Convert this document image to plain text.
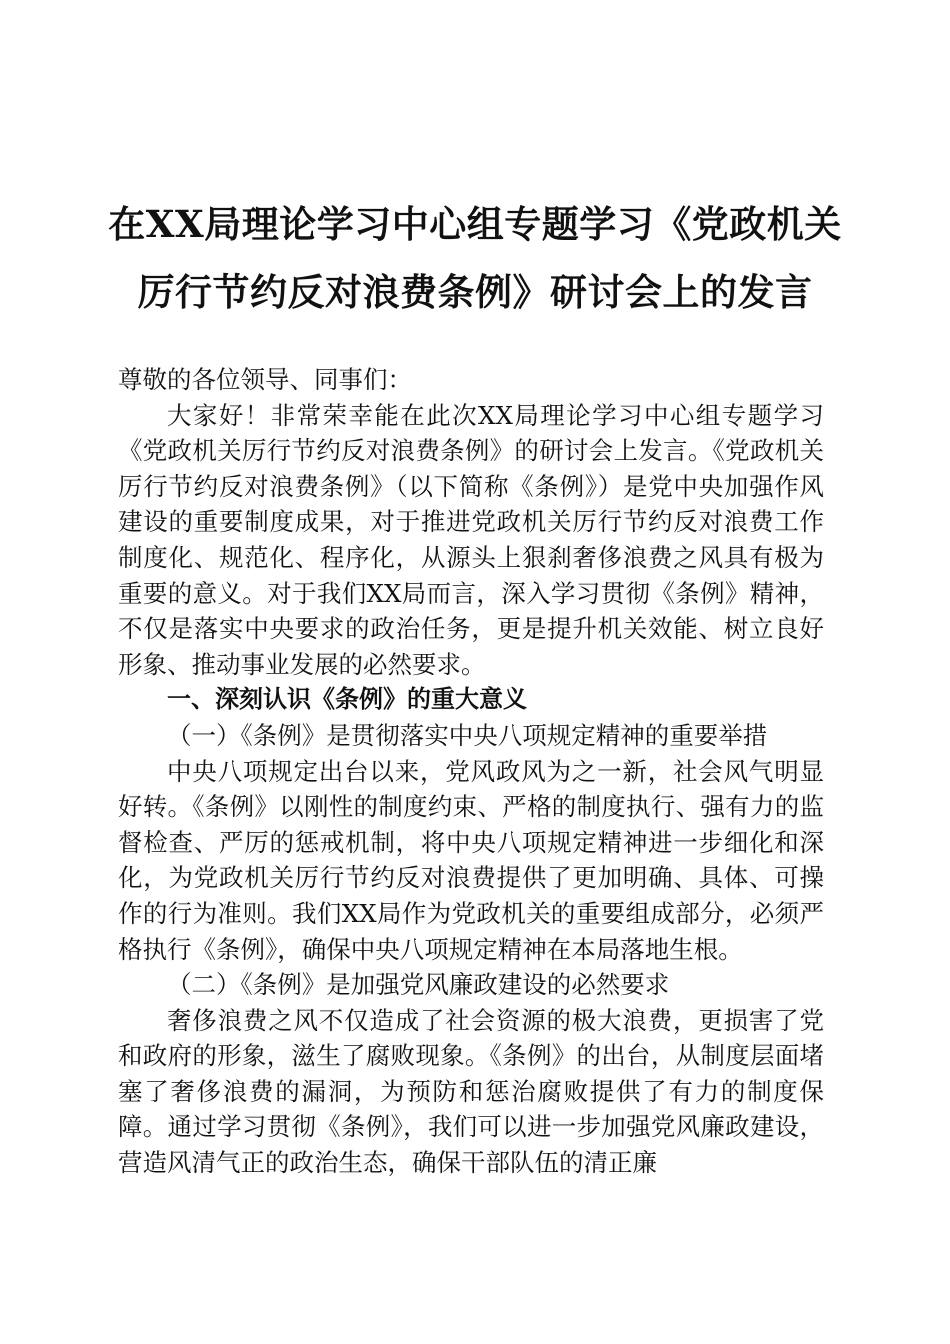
在XX局理论学习中心组专题学习《党政机关
厉行节约反对浪费条例》研讨会上的发言

尊敬的各位领导、同事们：

大家好！非常荣幸能在此次XX局理论学习中心组专题学习《党政机关厉行节约反对浪费条例》的研讨会上发言。《党政机关厉行节约反对浪费条例》（以下简称《条例》）是党中央加强作风建设的重要制度成果，对于推进党政机关厉行节约反对浪费工作制度化、规范化、程序化，从源头上狠刹奢侈浪费之风具有极为重要的意义。对于我们XX局而言，深入学习贯彻《条例》精神，不仅是落实中央要求的政治任务，更是提升机关效能、树立良好形象、推动事业发展的必然要求。

一、深刻认识《条例》的重大意义

（一）《条例》是贯彻落实中央八项规定精神的重要举措

中央八项规定出台以来，党风政风为之一新，社会风气明显好转。《条例》以刚性的制度约束、严格的制度执行、强有力的监督检查、严厉的惩戒机制，将中央八项规定精神进一步细化和深化，为党政机关厉行节约反对浪费提供了更加明确、具体、可操作的行为准则。我们XX局作为党政机关的重要组成部分，必须严格执行《条例》，确保中央八项规定精神在本局落地生根。

（二）《条例》是加强党风廉政建设的必然要求

奢侈浪费之风不仅造成了社会资源的极大浪费，更损害了党和政府的形象，滋生了腐败现象。《条例》的出台，从制度层面堵塞了奢侈浪费的漏洞，为预防和惩治腐败提供了有力的制度保障。通过学习贯彻《条例》，我们可以进一步加强党风廉政建设，营造风清气正的政治生态，确保干部队伍的清正廉
